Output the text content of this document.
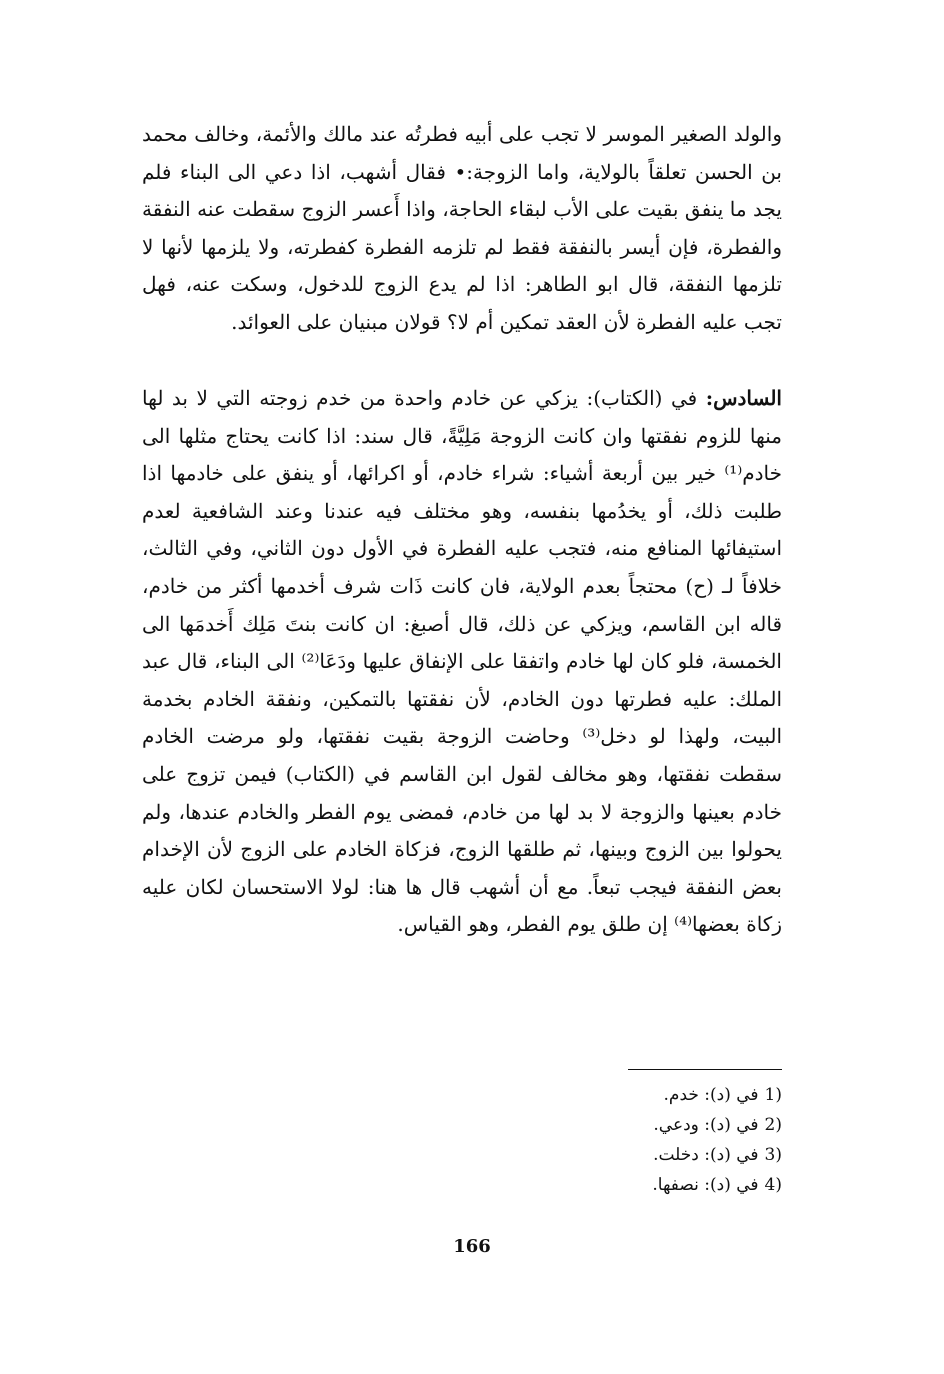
والولد الصغير الموسر لا تجب على أبيه فطرتُه عند مالك والأئمة، وخالف محمد بن الحسن تعلقاً بالولاية، واما الزوجة:• فقال أشهب، اذا دعي الى البناء فلم يجد ما ينفق بقيت على الأب لبقاء الحاجة، واذا أَعسر الزوج سقطت عنه النفقة والفطرة، فإن أيسر بالنفقة فقط لم تلزمه الفطرة كفطرته، ولا يلزمها لأنها لا تلزمها النفقة، قال ابو الطاهر: اذا لم يدع الزوج للدخول، وسكت عنه، فهل تجب عليه الفطرة لأن العقد تمكين أم لا؟ قولان مبنيان على العوائد.

السادس: في (الكتاب): يزكي عن خادم واحدة من خدم زوجته التي لا بد لها منها للزوم نفقتها وان كانت الزوجة مَلِيَّةً، قال سند: اذا كانت يحتاج مثلها الى خادم⁽¹⁾ خير بين أربعة أشياء: شراء خادم، أو اكرائها، أو ينفق على خادمها اذا طلبت ذلك، أو يخدُمها بنفسه، وهو مختلف فيه عندنا وعند الشافعية لعدم استيفائها المنافع منه، فتجب عليه الفطرة في الأول دون الثاني، وفي الثالث، خلافاً لـ (ح) محتجاً بعدم الولاية، فان كانت ذَات شرف أخدمها أكثر من خادم، قاله ابن القاسم، ويزكي عن ذلك، قال أصبغ: ان كانت بنتَ مَلِك أَخدمَها الى الخمسة، فلو كان لها خادم واتفقا على الإنفاق عليها ودَعَا⁽²⁾ الى البناء، قال عبد الملك: عليه فطرتها دون الخادم، لأن نفقتها بالتمكين، ونفقة الخادم بخدمة البيت، ولهذا لو دخل⁽³⁾ وحاضت الزوجة بقيت نفقتها، ولو مرضت الخادم سقطت نفقتها، وهو مخالف لقول ابن القاسم في (الكتاب) فيمن تزوج على خادم بعينها والزوجة لا بد لها من خادم، فمضى يوم الفطر والخادم عندها، ولم يحولوا بين الزوج وبينها، ثم طلقها الزوج، فزكاة الخادم على الزوج لأن الإخدام بعض النفقة فيجب تبعاً. مع أن أشهب قال ها هنا: لولا الاستحسان لكان عليه زكاة بعضها⁽⁴⁾ إن طلق يوم الفطر، وهو القياس.

1)
في (د): خدم.
2)
في (د): ودعي.
3)
في (د): دخلت.
4)
في (د): نصفها.
166
